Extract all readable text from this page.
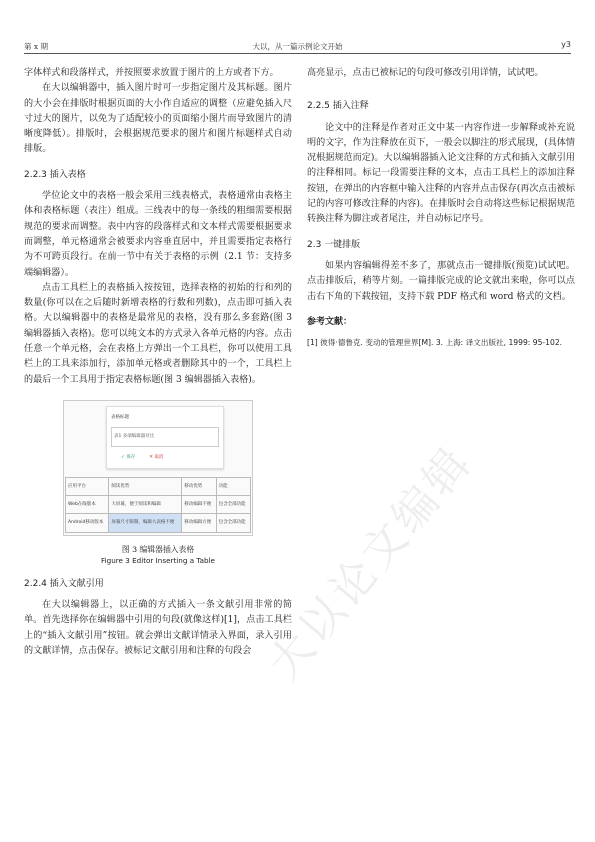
第 x 期	大以，从一篇示例论文开始	y3

字体样式和段落样式，并按照要求放置于图片的上方或者下方。

在大以编辑器中，插入图片时可一步指定图片及其标题。图片的大小会在排版时根据页面的大小作自适应的调整（应避免插入尺寸过大的图片，以免为了适配较小的页面缩小图片而导致图片的清晰度降低）。排版时，会根据规范要求的图片和图片标题样式自动排版。

2.2.3 插入表格

学位论文中的表格一般会采用三线表格式，表格通常由表格主体和表格标题（表注）组成。三线表中的每一条线的粗细需要根据规范的要求而调整。表中内容的段落样式和文本样式需要根据要求而调整，单元格通常会被要求内容垂直居中，并且需要指定表格行为不可跨页段行。在前一节中有关于表格的示例（2.1 节：支持多端编辑器）。

点击工具栏上的表格插入按按钮，选择表格的初始的行和列的数量(你可以在之后随时新增表格的行数和列数)，点击即可插入表格。大以编辑器中的表格是最常见的表格，没有那么多套路(图 3 编辑器插入表格)。您可以纯文本的方式录入各单元格的内容。点击任意一个单元格，会在表格上方弹出一个工具栏，你可以使用工具栏上的工具来添加行，添加单元格或者删除其中的一个，工具栏上的最后一个工具用于指定表格标题(图 3 编辑器插入表格)。

表格标题
表1 多端编辑器对比
✓ 保存	✕ 取消
应用平台	阅读优势	移动优势	功能
Web在线版本	大屏幕，便于阅读和编辑	移动编辑不便	包含全部功能
Android移动版本	屏幕尺寸限制，编辑大表格不便	移动编辑方便	包含全部功能
图 3 编辑器插入表格
Figure 3 Editor Inserting a Table
2.2.4 插入文献引用

在大以编辑器上，以正确的方式插入一条文献引用非常的简单。首先选择你在编辑器中引用的句段(就像这样)[1]，点击工具栏上的“插入文献引用”按钮。就会弹出文献详情录入界面，录入引用的文献详情，点击保存。被标记文献引用和注释的句段会

高亮显示，点击已被标记的句段可修改引用详情，试试吧。

2.2.5 插入注释

论文中的注释是作者对正文中某一内容作进一步解释或补充说明的文字，作为注释放在页下，一般会以脚注的形式展现，(具体情况根据规范而定)。大以编辑器插入论文注释的方式和插入文献引用的注释相同。标记一段需要注释的文本，点击工具栏上的添加注释按钮，在弹出的内容框中输入注释的内容并点击保存(再次点击被标记的内容可修改注释的内容)。在排版时会自动将这些标记根据规范转换注释为脚注或者尾注，并自动标记序号。

2.3 一键排版

如果内容编辑得差不多了，那就点击一键排版(预览)试试吧。点击排版后，稍等片刻。一篇排版完成的论文就出来啦，你可以点击右下角的下载按钮，支持下载 PDF 格式和 word 格式的文档。

参考文献：
[1] 彼得·德鲁克. 变动的管理世界[M]. 3. 上海: 译文出版社, 1999: 95-102.
大以论文编辑
